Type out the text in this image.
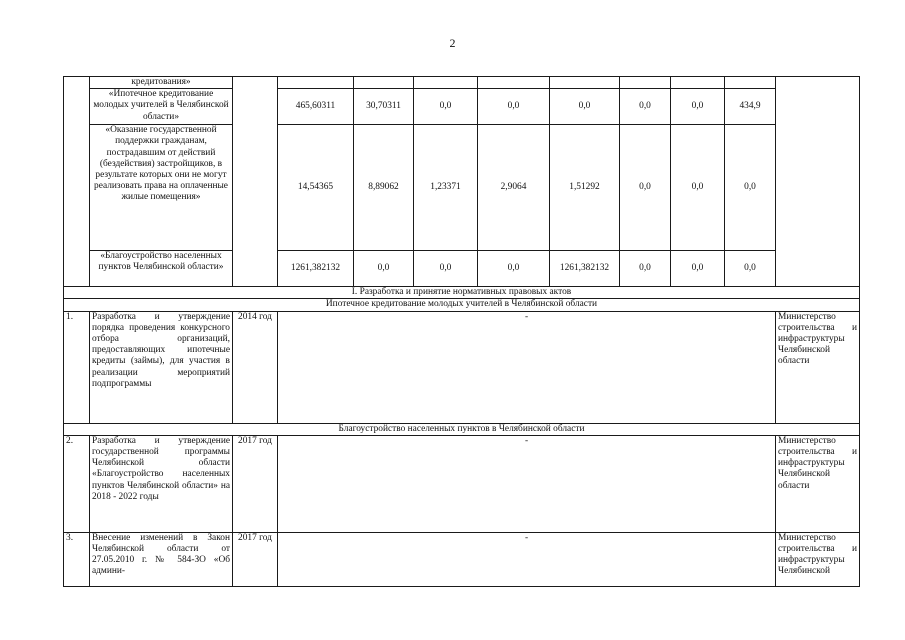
2
	кредитования»										
	«Ипотечное кредитование молодых учителей в Челябинской области»		465,60311	30,70311	0,0	0,0	0,0	0,0	0,0	434,9	
	«Оказание государственной поддержки гражданам, пострадавшим от действий (бездействия) застройщиков, в результате которых они не могут реализовать права на оплаченные жилые помещения»		14,54365	8,89062	1,23371	2,9064	1,51292	0,0	0,0	0,0	
	«Благоустройство населенных пунктов Челябинской области»		1261,382132	0,0	0,0	0,0	1261,382132	0,0	0,0	0,0	
I. Разработка и принятие нормативных правовых актов											
Ипотечное кредитование молодых учителей в Челябинской области											
1.	Разработка и утверждение порядка проведения конкурсного отбора организаций, предоставляющих ипотечные кредиты (займы), для участия в реализации мероприятий подпрограммы	2014 год	-								Министерство строительства и инфраструктуры Челябинской области
Благоустройство населенных пунктов в Челябинской области											
2.	Разработка и утверждение государственной программы Челябинской области «Благоустройство населенных пунктов Челябинской области» на 2018 - 2022 годы	2017 год	-								Министерство строительства и инфраструктуры Челябинской области
3.	Внесение изменений в Закон Челябинской области от 27.05.2010 г. № 584-ЗО «Об админи-	2017 год	-								Министерство строительства и инфраструктуры Челябинской
